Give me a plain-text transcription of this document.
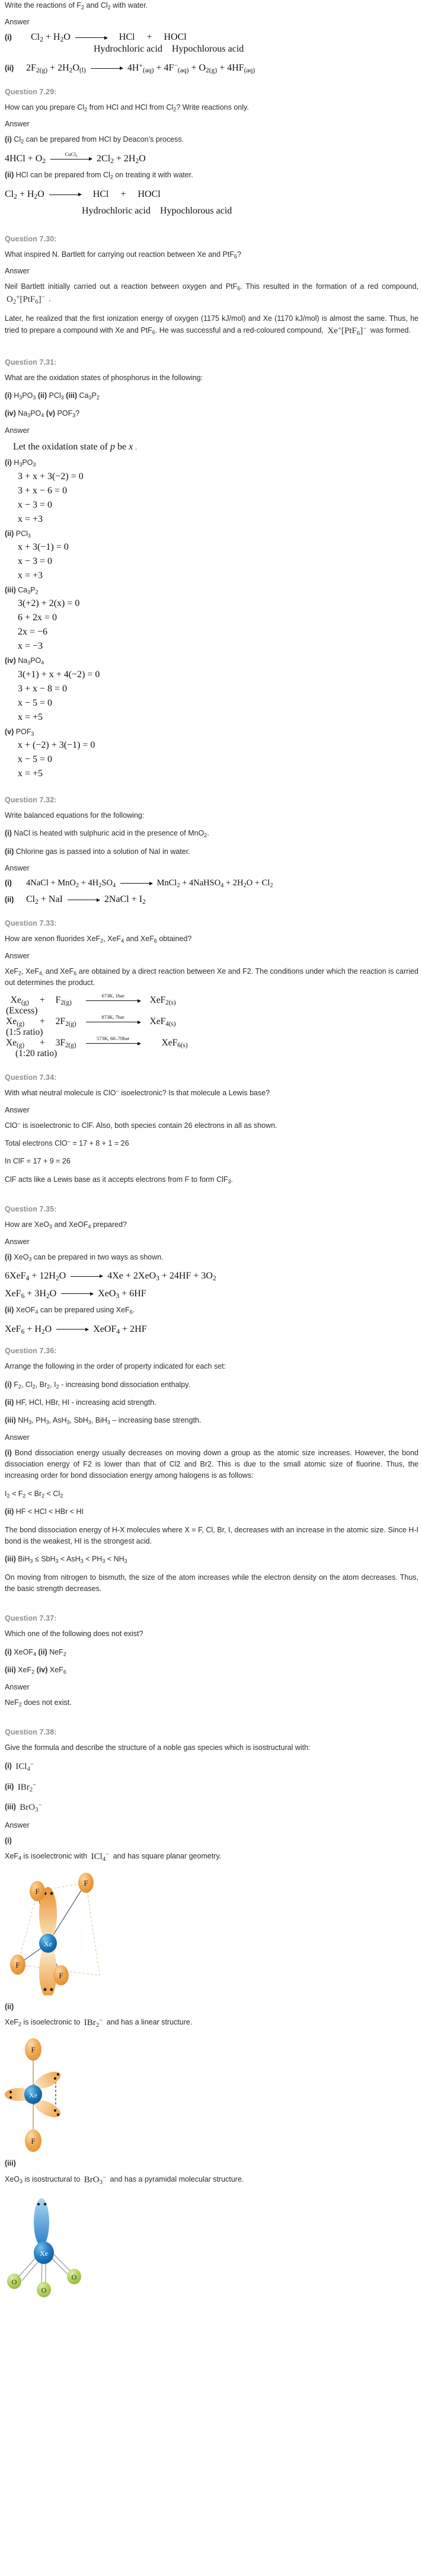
Write the reactions of $F_2$ and $Cl_2$ with water.

Answer

(i)	$Cl_2 + H_2O$	HCl     +     HOCl
Hydrochloric acid Hypochlorous acid
(ii)	$2F_{2(g)} + 2H_2O_{(l)}$	$4H^+_{(aq)} + 4F^-_{(aq)} + O_{2(g)} + 4HF_{(aq)}$

Question 7.29:

How can you prepare $Cl_2$ from HCl and HCl from $Cl_2$? Write reactions only.

Answer

(i) $Cl_2$ can be prepared from HCl by Deacon’s process.

$4HCl + O_2$
CuCl$_2$ $2Cl_2 + 2H_2O$

(ii) HCl can be prepared from $Cl_2$ on treating it with water.

$Cl_2 + H_2O$	HCl     +     HOCl
Hydrochloric acid Hypochlorous acid

Question 7.30:

What inspired N. Bartlett for carrying out reaction between Xe and PtF$_6$?

Answer

Neil Bartlett initially carried out a reaction between oxygen and PtF$_6$. This resulted in the formation of a red compound, $O_2^+[PtF_6]^-$ .

Later, he realized that the first ionization energy of oxygen (1175 kJ/mol) and Xe (1170 kJ/mol) is almost the same. Thus, he tried to prepare a compound with Xe and PtF$_6$. He was successful and a red-coloured compound, Xe+[PtF$_6$]− was formed.

Question 7.31:

What are the oxidation states of phosphorus in the following:

(i) $H_3PO_3$ (ii) PCl$_3$ (iii) $Ca_3P_2$

(iv) $Na_3PO_4$ (v) $POF_3$?

Answer

Let the oxidation state of p be x .

(i) $H_3PO_3$

3 + x + 3(−2) = 0
3 + x − 6 = 0
x − 3 = 0
x = +3

(ii) PCl$_3$

x + 3(−1) = 0
x − 3 = 0
x = +3

(iii) $Ca_3P_2$

3(+2) + 2(x) = 0
6 + 2x = 0
2x = −6
x = −3

(iv) $Na_3PO_4$

3(+1) + x + 4(−2) = 0
3 + x − 8 = 0
x − 5 = 0
x = +5

(v) $POF_3$

x + (−2) + 3(−1) = 0
x − 5 = 0
x = +5

Question 7.32:

Write balanced equations for the following:

(i) NaCl is heated with sulphuric acid in the presence of MnO$_2$.

(ii) Chlorine gas is passed into a solution of NaI in water.

Answer

(i)	4NaCl + $MnO_2 + 4H_2SO_4$	MnCl$_2$ + 4NaHSO$_4$ + $2H_2O + Cl_2$
(ii)	$Cl_2$ + NaI	2NaCl + $I_2$

Question 7.33:

How are xenon fluorides XeF$_2$, XeF$_4$ and XeF$_6$ obtained?

Answer

XeF$_2$, XeF$_{4,}$ and XeF$_6$ are obtained by a direct reaction between Xe and F2. The conditions under which the reaction is carried out determines the product.

$Xe_{(g)}$	+	$F_{2(g)}$	673K, 1bar	XeF$_{2(s)}$
(Excess)				
$Xe_{(g)}$	+	$2F_{2(g)}$	873K, 7bar	XeF$_{4(s)}$
(1:5 ratio)				
$Xe_{(g)}$	+	$3F_{2(g)}$	573K, 60–70bar	XeF$_{6(s)}$
(1:20 ratio)				

Question 7.34:

With what neutral molecule is ClO− isoelectronic? Is that molecule a Lewis base?

Answer

ClO− is isoelectronic to ClF. Also, both species contain 26 electrons in all as shown.

Total electrons ClO− = 17 + 8 + 1 = 26

In ClF = 17 + 9 = 26

ClF acts like a Lewis base as it accepts electrons from F to form ClF$_3$.

Question 7.35:

How are XeO$_3$ and XeOF$_4$ prepared?

Answer

(i) XeO$_3$ can be prepared in two ways as shown.

$6XeF_4 + 12H_2O$	$4Xe + 2XeO_3 + 24HF + 3O_2$
$XeF_6 + 3H_2O$	XeO$_3$ + 6HF

(ii) XeOF$_4$ can be prepared using XeF$_6$.

$XeF_6 + H_2O$	XeOF$_4$ + 2HF

Question 7.36:

Arrange the following in the order of property indicated for each set:

(i) $F_2$, $Cl_2$, $Br_2$, $I_2$ - increasing bond dissociation enthalpy.

(ii) HF, HCl, HBr, HI - increasing acid strength.

(iii) $NH_3$, $PH_3$, AsH$_3$, SbH$_3$, BiH$_3$ – increasing base strength.

Answer

(i) Bond dissociation energy usually decreases on moving down a group as the atomic size increases. However, the bond dissociation energy of F2 is lower than that of Cl2 and Br2. This is due to the small atomic size of fluorine. Thus, the increasing order for bond dissociation energy among halogens is as follows:

$I_2 < F_2 < Br_2 < Cl_2$

(ii) HF < HCl < HBr < HI

The bond dissociation energy of H-X molecules where X = F, Cl, Br, I, decreases with an increase in the atomic size. Since H-I bond is the weakest, HI is the strongest acid.

(iii) $BiH_3 \le SbH_3 < AsH_3 < PH_3 < NH_3$

On moving from nitrogen to bismuth, the size of the atom increases while the electron density on the atom decreases. Thus, the basic strength decreases.

Question 7.37:

Which one of the following does not exist?

(i) XeOF$_4$ (ii) NeF$_2$

(iii) XeF$_2$ (iv) XeF$_6$

Answer

NeF$_2$ does not exist.

Question 7.38:

Give the formula and describe the structure of a noble gas species which is isostructural with:

(i) ICl$_4$−

(ii) IBr$_2$−

(iii) BrO$_3$−

Answer

(i)

XeF$_4$ is isoelectronic with ICl$_4$− and has square planar geometry.

F
F
F
F
Xe

(ii)

XeF$_2$ is isoelectronic to IBr$_2$− and has a linear structure.

F
F
Xe

(iii)

XeO$_3$ is isostructural to BrO$_3$− and has a pyramidal molecular structure.

O
O
O
Xe
